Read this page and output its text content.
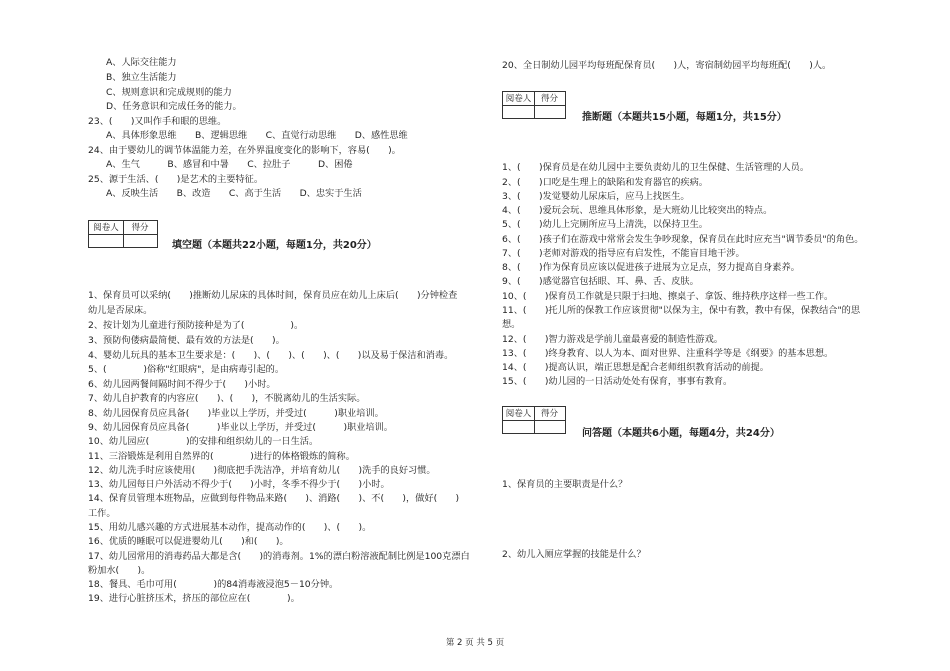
A、人际交往能力
B、独立生活能力
C、规则意识和完成规则的能力
D、任务意识和完成任务的能力。
23、(　　)又叫作手和眼的思维。
A、具体形象思维　　B、逻辑思维　　C、直觉行动思维　　D、感性思维
24、由于婴幼儿的调节体温能力差，在外界温度变化的影响下，容易(　　)。
A、生气　　　B、感冒和中暑　　C、拉肚子　　　D、困倦
25、源于生活、(　　)是艺术的主要特征。
A、反映生活　　B、改造　　C、高于生活　　D、忠实于生活
阅卷人	得分
填空题（本题共22小题，每题1分，共20分）
1、保育员可以采纳(　　)推断幼儿尿床的具体时间，保育员应在幼儿上床后(　　)分钟检查
幼儿是否尿床。
2、按计划为儿童进行预防接种是为了(　　　　　)。
3、预防佝偻病最简便、最有效的方法是(　　)。
4、婴幼儿玩具的基本卫生要求是：(　　)、(　　)、(　　)、(　　)以及易于保洁和消毒。
5、(　　　　)俗称"红眼病"，是由病毒引起的。
6、幼儿园两餐间隔时间不得少于(　　)小时。
7、幼儿自护教育的内容应(　　)、(　　)，不脱离幼儿的生活实际。
8、幼儿园保育员应具备(　　)毕业以上学历，并受过(　　　)职业培训。
9、幼儿园保育员应具备(　　　)毕业以上学历，并受过(　　　)职业培训。
10、幼儿园应(　　　　)的安排和组织幼儿的一日生活。
11、三浴锻炼是利用自然界的(　　　　)进行的体格锻炼的简称。
12、幼儿洗手时应该使用(　　)彻底把手洗洁净，并培育幼儿(　　)洗手的良好习惯。
13、幼儿园每日户外活动不得少于(　　)小时，冬季不得少于(　　)小时。
14、保育员管理本班物品，应做到每件物品来路(　　)、消路(　　)、不(　　)，做好(　　)
工作。
15、用幼儿感兴趣的方式进展基本动作，提高动作的(　　)、(　　)。
16、优质的睡眠可以促进婴幼儿(　　)和(　　)。
17、幼儿园常用的消毒药品大都是含(　　)的消毒剂。1%的漂白粉溶液配制比例是100克漂白
粉加水(　　)。
18、餐具、毛巾可用(　　　　)的84消毒液浸泡5－10分钟。
19、进行心脏挤压术，挤压的部位应在(　　　　)。
20、全日制幼儿园平均每班配保育员(　　)人，寄宿制幼园平均每班配(　　)人。
阅卷人	得分
推断题（本题共15小题，每题1分，共15分）
1、(　　)保育员是在幼儿园中主要负责幼儿的卫生保健、生活管理的人员。
2、(　　)口吃是生理上的缺陷和发育器官的疾病。
3、(　　)发觉婴幼儿尿床后，应马上找医生。
4、(　　)爱玩会玩、思维具体形象，是大班幼儿比较突出的特点。
5、(　　)幼儿上完厕所应马上清洗，以保持卫生。
6、(　　)孩子们在游戏中常常会发生争吵现象，保育员在此时应充当"调节委员"的角色。
7、(　　)老师对游戏的指导应有启发性，不能盲目地干涉。
8、(　　)作为保育员应该以促进孩子进展为立足点，努力提高自身素养。
9、(　　)感觉器官包括眼、耳、鼻、舌、皮肤。
10、(　　)保育员工作就是只限于扫地、擦桌子、拿饭、维持秩序这样一些工作。
11、(　　)托儿所的保教工作应该贯彻"以保为主，保中有教，教中有保，保教结合"的思
想。
12、(　　)智力游戏是学前儿童最喜爱的制造性游戏。
13、(　　)终身教育、以人为本、面对世界、注重科学等是《纲要》的基本思想。
14、(　　)提高认识，端正思想是配合老师组织教育活动的前提。
15、(　　)幼儿园的一日活动处处有保育，事事有教育。
阅卷人	得分
问答题（本题共6小题，每题4分，共24分）
1、保育员的主要职责是什么？
2、幼儿入厕应掌握的技能是什么？
第 2 页 共 5 页
